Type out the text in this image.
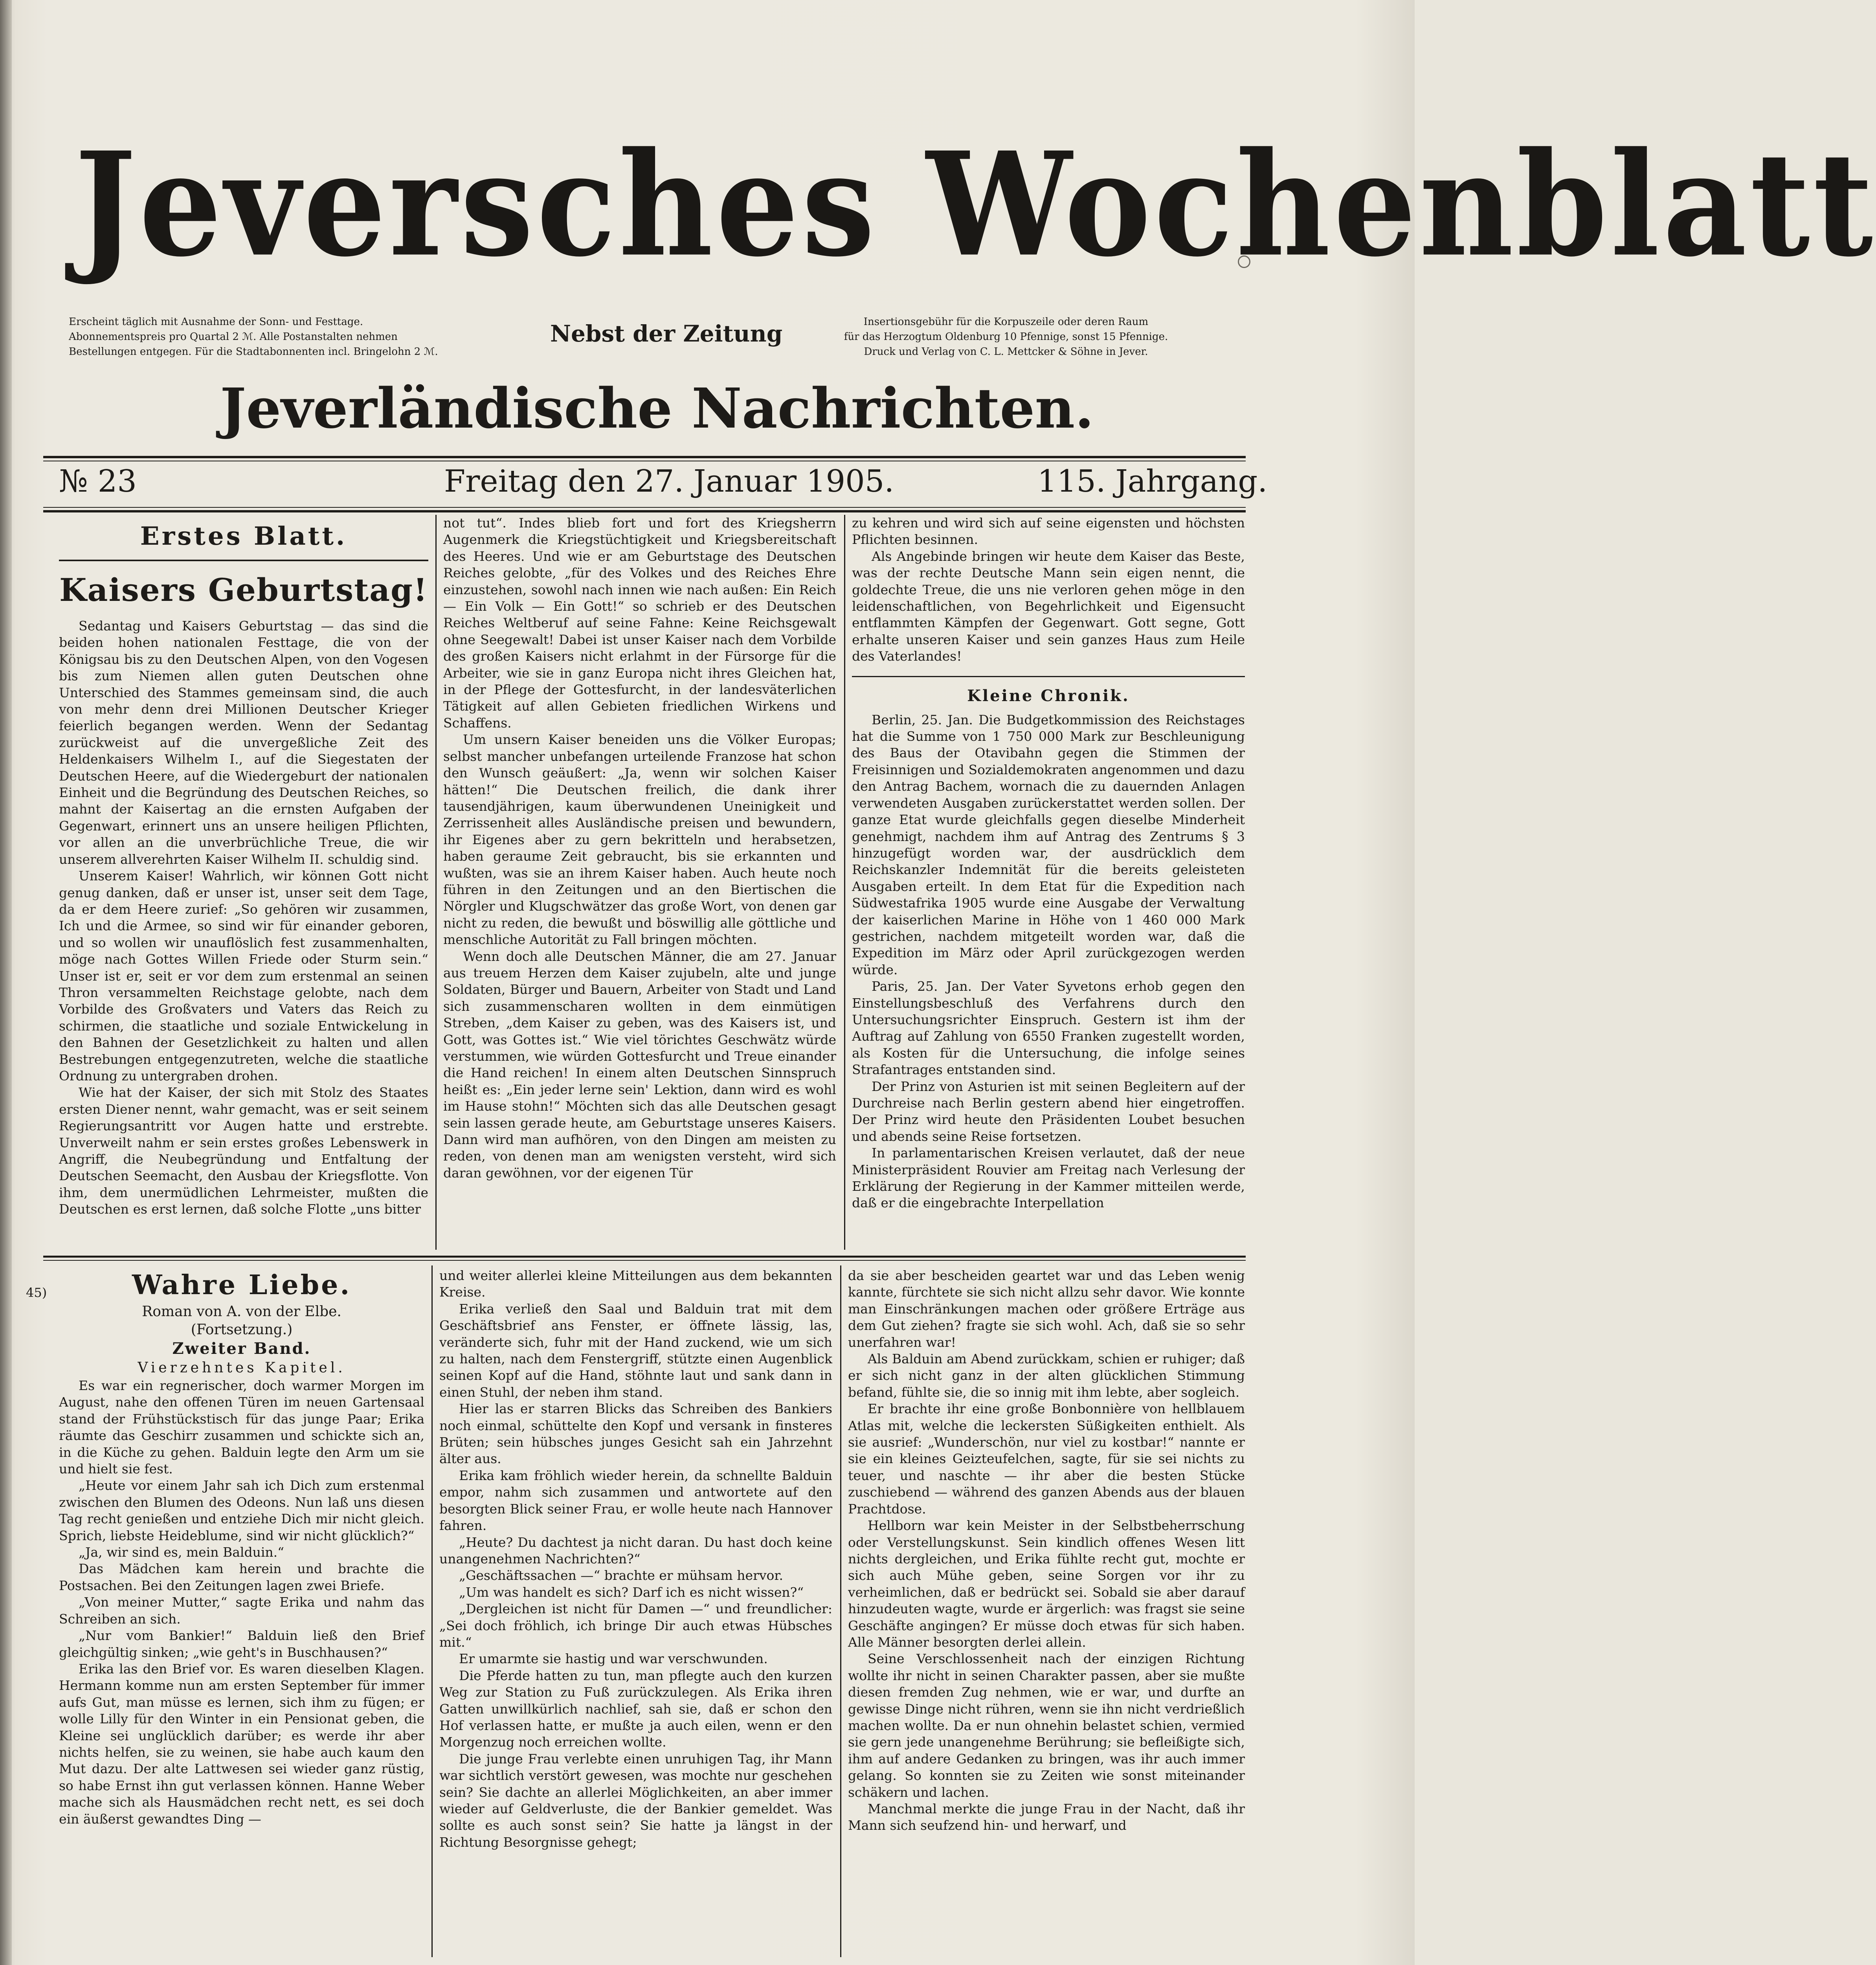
Jeversches Wochenblatt
Erscheint täglich mit Ausnahme der Sonn- und Festtage.
Abonnementspreis pro Quartal 2 ℳ. Alle Postanstalten nehmen
Bestellungen entgegen. Für die Stadtabonnenten incl. Bringelohn 2 ℳ.
Nebst der Zeitung	Insertionsgebühr für die Korpuszeile oder deren Raum
für das Herzogtum Oldenburg 10 Pfennige, sonst 15 Pfennige.
Druck und Verlag von C. L. Mettcker & Söhne in Jever.
Jeverländische Nachrichten.
№ 23	Freitag den 27. Januar 1905.	115. Jahrgang.
Erstes Blatt.
Kaisers Geburtstag!

Sedantag und Kaisers Geburtstag — das sind die beiden hohen nationalen Festtage, die von der Königsau bis zu den Deutschen Alpen, von den Vogesen bis zum Niemen allen guten Deutschen ohne Unterschied des Stammes gemeinsam sind, die auch von mehr denn drei Millionen Deutscher Krieger feierlich begangen werden. Wenn der Sedantag zurückweist auf die unvergeßliche Zeit des Heldenkaisers Wilhelm I., auf die Siegestaten der Deutschen Heere, auf die Wiedergeburt der nationalen Einheit und die Begründung des Deutschen Reiches, so mahnt der Kaisertag an die ernsten Aufgaben der Gegenwart, erinnert uns an unsere heiligen Pflichten, vor allen an die unverbrüchliche Treue, die wir unserem allverehrten Kaiser Wilhelm II. schuldig sind.

Unserem Kaiser! Wahrlich, wir können Gott nicht genug danken, daß er unser ist, unser seit dem Tage, da er dem Heere zurief: „So gehören wir zusammen, Ich und die Armee, so sind wir für einander geboren, und so wollen wir unauflöslich fest zusammenhalten, möge nach Gottes Willen Friede oder Sturm sein.“ Unser ist er, seit er vor dem zum erstenmal an seinen Thron versammelten Reichstage gelobte, nach dem Vorbilde des Großvaters und Vaters das Reich zu schirmen, die staatliche und soziale Entwickelung in den Bahnen der Gesetzlichkeit zu halten und allen Bestrebungen entgegenzutreten, welche die staatliche Ordnung zu untergraben drohen.

Wie hat der Kaiser, der sich mit Stolz des Staates ersten Diener nennt, wahr gemacht, was er seit seinem Regierungsantritt vor Augen hatte und erstrebte. Unverweilt nahm er sein erstes großes Lebenswerk in Angriff, die Neubegründung und Entfaltung der Deutschen Seemacht, den Ausbau der Kriegsflotte. Von ihm, dem unermüdlichen Lehrmeister, mußten die Deutschen es erst lernen, daß solche Flotte „uns bitter

not tut“. Indes blieb fort und fort des Kriegsherrn Augenmerk die Kriegstüchtigkeit und Kriegsbereitschaft des Heeres. Und wie er am Geburtstage des Deutschen Reiches gelobte, „für des Volkes und des Reiches Ehre einzustehen, sowohl nach innen wie nach außen: Ein Reich — Ein Volk — Ein Gott!“ so schrieb er des Deutschen Reiches Weltberuf auf seine Fahne: Keine Reichsgewalt ohne Seegewalt! Dabei ist unser Kaiser nach dem Vorbilde des großen Kaisers nicht erlahmt in der Fürsorge für die Arbeiter, wie sie in ganz Europa nicht ihres Gleichen hat, in der Pflege der Gottesfurcht, in der landesväterlichen Tätigkeit auf allen Gebieten friedlichen Wirkens und Schaffens.

Um unsern Kaiser beneiden uns die Völker Europas; selbst mancher unbefangen urteilende Franzose hat schon den Wunsch geäußert: „Ja, wenn wir solchen Kaiser hätten!“ Die Deutschen freilich, die dank ihrer tausendjährigen, kaum überwundenen Uneinigkeit und Zerrissenheit alles Ausländische preisen und bewundern, ihr Eigenes aber zu gern bekritteln und herabsetzen, haben geraume Zeit gebraucht, bis sie erkannten und wußten, was sie an ihrem Kaiser haben. Auch heute noch führen in den Zeitungen und an den Biertischen die Nörgler und Klugschwätzer das große Wort, von denen gar nicht zu reden, die bewußt und böswillig alle göttliche und menschliche Autorität zu Fall bringen möchten.

Wenn doch alle Deutschen Männer, die am 27. Januar aus treuem Herzen dem Kaiser zujubeln, alte und junge Soldaten, Bürger und Bauern, Arbeiter von Stadt und Land sich zusammenscharen wollten in dem einmütigen Streben, „dem Kaiser zu geben, was des Kaisers ist, und Gott, was Gottes ist.“ Wie viel törichtes Geschwätz würde verstummen, wie würden Gottesfurcht und Treue einander die Hand reichen! In einem alten Deutschen Sinnspruch heißt es: „Ein jeder lerne sein' Lektion, dann wird es wohl im Hause stohn!“ Möchten sich das alle Deutschen gesagt sein lassen gerade heute, am Geburtstage unseres Kaisers. Dann wird man aufhören, von den Dingen am meisten zu reden, von denen man am wenigsten versteht, wird sich daran gewöhnen, vor der eigenen Tür

zu kehren und wird sich auf seine eigensten und höchsten Pflichten besinnen.

Als Angebinde bringen wir heute dem Kaiser das Beste, was der rechte Deutsche Mann sein eigen nennt, die goldechte Treue, die uns nie verloren gehen möge in den leidenschaftlichen, von Begehrlichkeit und Eigensucht entflammten Kämpfen der Gegenwart. Gott segne, Gott erhalte unseren Kaiser und sein ganzes Haus zum Heile des Vaterlandes!

Kleine Chronik.

Berlin, 25. Jan. Die Budgetkommission des Reichstages hat die Summe von 1 750 000 Mark zur Beschleunigung des Baus der Otavibahn gegen die Stimmen der Freisinnigen und Sozialdemokraten angenommen und dazu den Antrag Bachem, wornach die zu dauernden Anlagen verwendeten Ausgaben zurückerstattet werden sollen. Der ganze Etat wurde gleichfalls gegen dieselbe Minderheit genehmigt, nachdem ihm auf Antrag des Zentrums § 3 hinzugefügt worden war, der ausdrücklich dem Reichskanzler Indemnität für die bereits geleisteten Ausgaben erteilt. In dem Etat für die Expedition nach Südwestafrika 1905 wurde eine Ausgabe der Verwaltung der kaiserlichen Marine in Höhe von 1 460 000 Mark gestrichen, nachdem mitgeteilt worden war, daß die Expedition im März oder April zurückgezogen werden würde.

Paris, 25. Jan. Der Vater Syvetons erhob gegen den Einstellungsbeschluß des Verfahrens durch den Untersuchungsrichter Einspruch. Gestern ist ihm der Auftrag auf Zahlung von 6550 Franken zugestellt worden, als Kosten für die Untersuchung, die infolge seines Strafantrages entstanden sind.

Der Prinz von Asturien ist mit seinen Begleitern auf der Durchreise nach Berlin gestern abend hier eingetroffen. Der Prinz wird heute den Präsidenten Loubet besuchen und abends seine Reise fortsetzen.

In parlamentarischen Kreisen verlautet, daß der neue Ministerpräsident Rouvier am Freitag nach Verlesung der Erklärung der Regierung in der Kammer mitteilen werde, daß er die eingebrachte Interpellation

45)	Wahre Liebe.
Roman von A. von der Elbe.
(Fortsetzung.)
Zweiter Band.
Vierzehntes Kapitel.

Es war ein regnerischer, doch warmer Morgen im August, nahe den offenen Türen im neuen Gartensaal stand der Frühstückstisch für das junge Paar; Erika räumte das Geschirr zusammen und schickte sich an, in die Küche zu gehen. Balduin legte den Arm um sie und hielt sie fest.

„Heute vor einem Jahr sah ich Dich zum erstenmal zwischen den Blumen des Odeons. Nun laß uns diesen Tag recht genießen und entziehe Dich mir nicht gleich. Sprich, liebste Heideblume, sind wir nicht glücklich?“

„Ja, wir sind es, mein Balduin.“

Das Mädchen kam herein und brachte die Postsachen. Bei den Zeitungen lagen zwei Briefe.

„Von meiner Mutter,“ sagte Erika und nahm das Schreiben an sich.

„Nur vom Bankier!“ Balduin ließ den Brief gleichgültig sinken; „wie geht's in Buschhausen?“

Erika las den Brief vor. Es waren dieselben Klagen. Hermann komme nun am ersten September für immer aufs Gut, man müsse es lernen, sich ihm zu fügen; er wolle Lilly für den Winter in ein Pensionat geben, die Kleine sei unglücklich darüber; es werde ihr aber nichts helfen, sie zu weinen, sie habe auch kaum den Mut dazu. Der alte Lattwesen sei wieder ganz rüstig, so habe Ernst ihn gut verlassen können. Hanne Weber mache sich als Hausmädchen recht nett, es sei doch ein äußerst gewandtes Ding —

und weiter allerlei kleine Mitteilungen aus dem bekannten Kreise.

Erika verließ den Saal und Balduin trat mit dem Geschäftsbrief ans Fenster, er öffnete lässig, las, veränderte sich, fuhr mit der Hand zuckend, wie um sich zu halten, nach dem Fenstergriff, stützte einen Augenblick seinen Kopf auf die Hand, stöhnte laut und sank dann in einen Stuhl, der neben ihm stand.

Hier las er starren Blicks das Schreiben des Bankiers noch einmal, schüttelte den Kopf und versank in finsteres Brüten; sein hübsches junges Gesicht sah ein Jahrzehnt älter aus.

Erika kam fröhlich wieder herein, da schnellte Balduin empor, nahm sich zusammen und antwortete auf den besorgten Blick seiner Frau, er wolle heute nach Hannover fahren.

„Heute? Du dachtest ja nicht daran. Du hast doch keine unangenehmen Nachrichten?“

„Geschäftssachen —“ brachte er mühsam hervor.

„Um was handelt es sich? Darf ich es nicht wissen?“

„Dergleichen ist nicht für Damen —“ und freundlicher: „Sei doch fröhlich, ich bringe Dir auch etwas Hübsches mit.“

Er umarmte sie hastig und war verschwunden.

Die Pferde hatten zu tun, man pflegte auch den kurzen Weg zur Station zu Fuß zurückzulegen. Als Erika ihren Gatten unwillkürlich nachlief, sah sie, daß er schon den Hof verlassen hatte, er mußte ja auch eilen, wenn er den Morgenzug noch erreichen wollte.

Die junge Frau verlebte einen unruhigen Tag, ihr Mann war sichtlich verstört gewesen, was mochte nur geschehen sein? Sie dachte an allerlei Möglichkeiten, an aber immer wieder auf Geldverluste, die der Bankier gemeldet. Was sollte es auch sonst sein? Sie hatte ja längst in der Richtung Besorgnisse gehegt;

da sie aber bescheiden geartet war und das Leben wenig kannte, fürchtete sie sich nicht allzu sehr davor. Wie konnte man Einschränkungen machen oder größere Erträge aus dem Gut ziehen? fragte sie sich wohl. Ach, daß sie so sehr unerfahren war!

Als Balduin am Abend zurückkam, schien er ruhiger; daß er sich nicht ganz in der alten glücklichen Stimmung befand, fühlte sie, die so innig mit ihm lebte, aber sogleich.

Er brachte ihr eine große Bonbonnière von hellblauem Atlas mit, welche die leckersten Süßigkeiten enthielt. Als sie ausrief: „Wunderschön, nur viel zu kostbar!“ nannte er sie ein kleines Geizteufelchen, sagte, für sie sei nichts zu teuer, und naschte — ihr aber die besten Stücke zuschiebend — während des ganzen Abends aus der blauen Prachtdose.

Hellborn war kein Meister in der Selbstbeherrschung oder Verstellungskunst. Sein kindlich offenes Wesen litt nichts dergleichen, und Erika fühlte recht gut, mochte er sich auch Mühe geben, seine Sorgen vor ihr zu verheimlichen, daß er bedrückt sei. Sobald sie aber darauf hinzudeuten wagte, wurde er ärgerlich: was fragst sie seine Geschäfte angingen? Er müsse doch etwas für sich haben. Alle Männer besorgten derlei allein.

Seine Verschlossenheit nach der einzigen Richtung wollte ihr nicht in seinen Charakter passen, aber sie mußte diesen fremden Zug nehmen, wie er war, und durfte an gewisse Dinge nicht rühren, wenn sie ihn nicht verdrießlich machen wollte. Da er nun ohnehin belastet schien, vermied sie gern jede unangenehme Berührung; sie befleißigte sich, ihm auf andere Gedanken zu bringen, was ihr auch immer gelang. So konnten sie zu Zeiten wie sonst miteinander schäkern und lachen.

Manchmal merkte die junge Frau in der Nacht, daß ihr Mann sich seufzend hin- und herwarf, und
